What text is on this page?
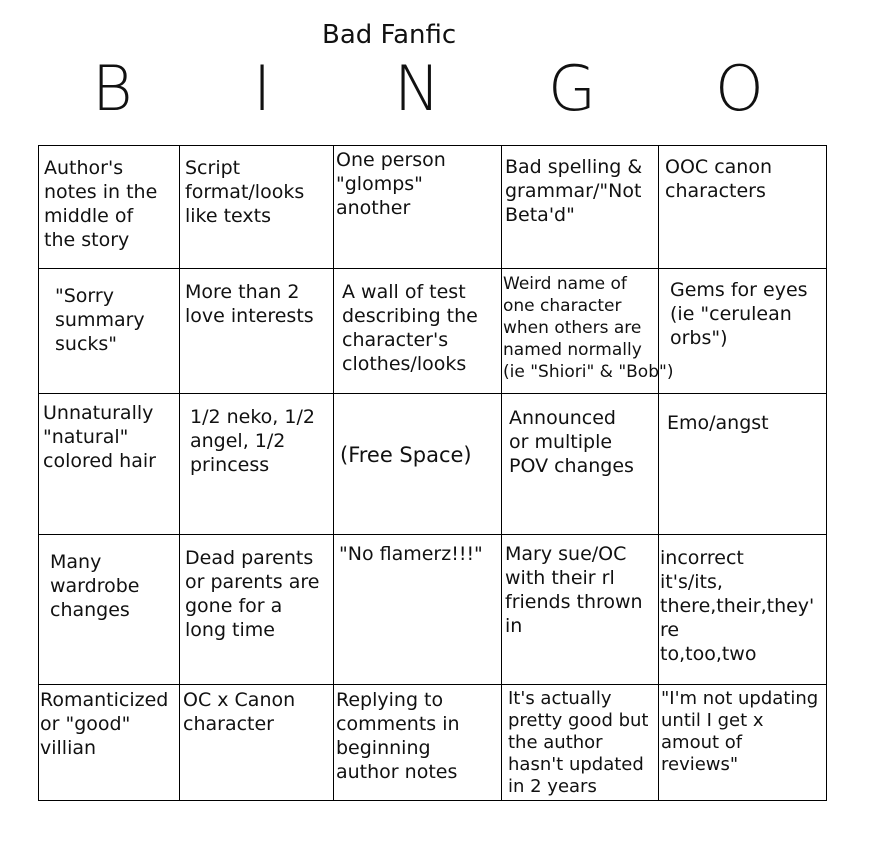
Bad Fanfic
B I N G O
Author's
notes in the
middle of
the story
Script
format/looks
like texts
One person
"glomps"
another
Bad spelling &
grammar/"Not
Beta'd"
OOC canon
characters
"Sorry
summary
sucks"
More than 2
love interests
A wall of test
describing the
character's
clothes/looks
Weird name of
one character
when others are
named normally
(ie "Shiori" & "Bob")
Gems for eyes
(ie "cerulean
orbs")
Unnaturally
"natural"
colored hair
1/2 neko, 1/2
angel, 1/2
princess	(Free Space)
Announced
or multiple
POV changes
Emo/angst
Many
wardrobe
changes
Dead parents
or parents are
gone for a
long time
"No flamerz!!!" Mary sue/OC
with their rl
friends thrown
in
incorrect
it's/its,
there,their,they'
re
to,too,two
Romanticized
or "good"
villian
OC x Canon
character
Replying to
comments in
beginning
author notes
It's actually
pretty good but
the author
hasn't updated
in 2 years
"I'm not updating
until I get x
amout of
reviews"
